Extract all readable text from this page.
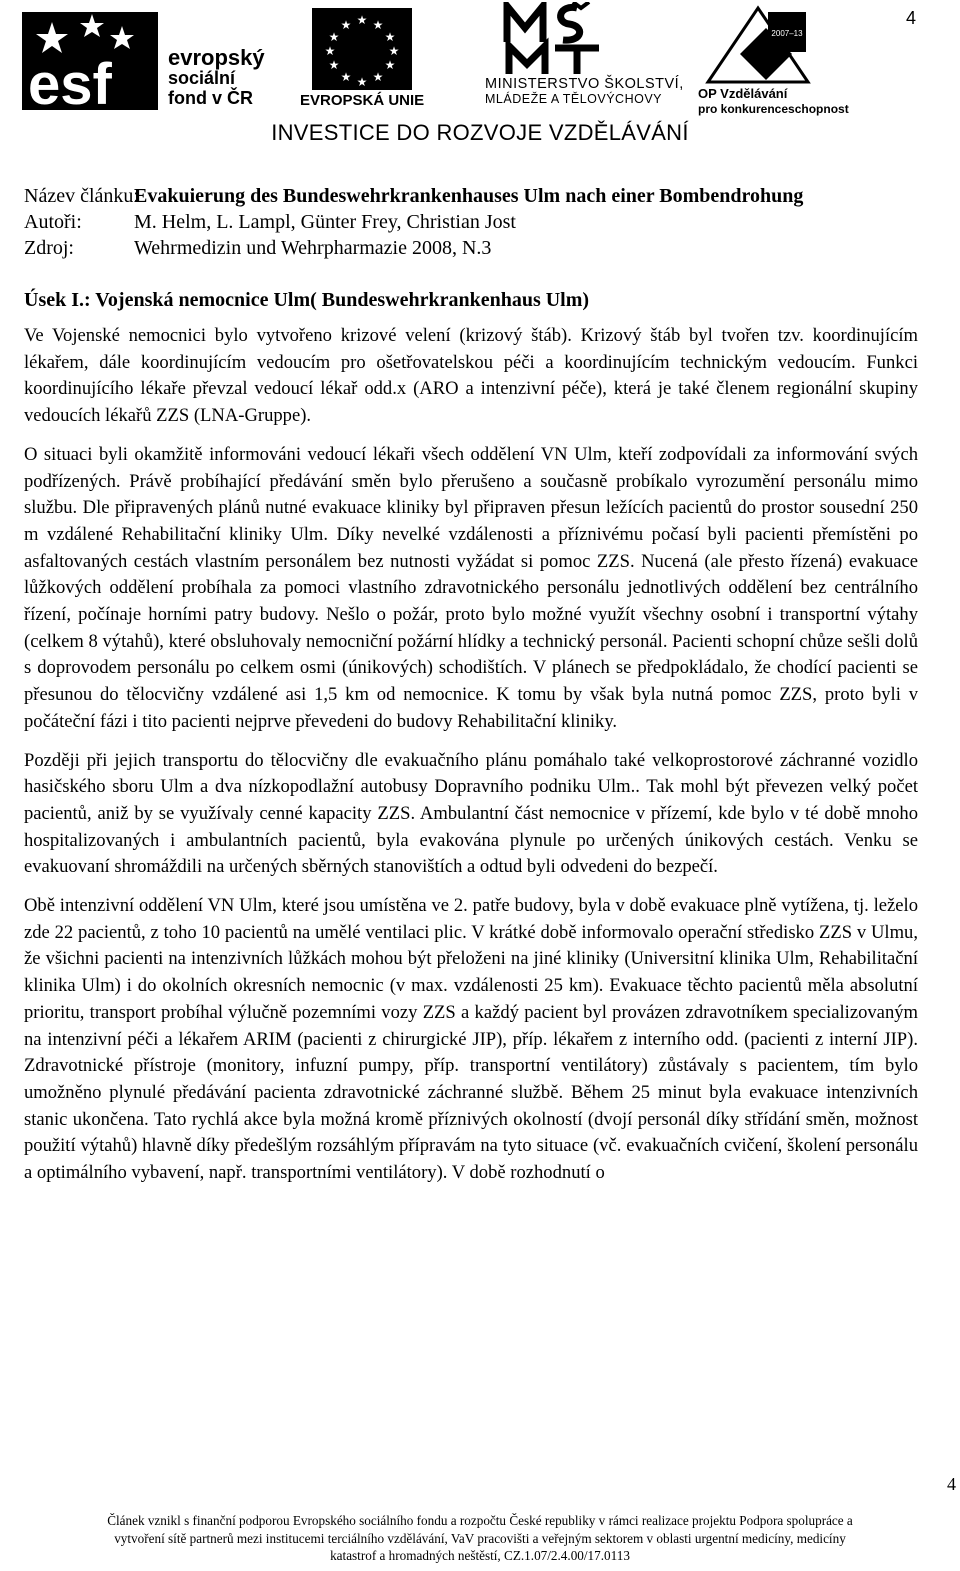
4
esf	evropský
sociální
fond v ČR
★ ★
★
★
★
★
★
★
★
★
★
★
EVROPSKÁ UNIE
MINISTERSTVO ŠKOLSTVÍ,
MLÁDEŽE A TĚLOVÝCHOVY
2007–13
OP Vzdělávání
pro konkurenceschopnost
INVESTICE DO ROZVOJE VZDĚLÁVÁNÍ
Název článku:
Evakuierung des Bundeswehrkrankenhauses Ulm nach einer Bombendrohung
Autoři:	M. Helm, L. Lampl, Günter Frey, Christian Jost
Zdroj:	Wehrmedizin und Wehrpharmazie 2008, N.3
Úsek I.: Vojenská nemocnice Ulm( Bundeswehrkrankenhaus Ulm)

Ve Vojenské nemocnici bylo vytvořeno krizové velení (krizový štáb). Krizový štáb byl tvořen tzv. koordinujícím lékařem, dále koordinujícím vedoucím pro ošetřovatelskou péči a koordinujícím technickým vedoucím. Funkci koordinujícího lékaře převzal vedoucí lékař odd.x (ARO a intenzivní péče), která je také členem regionální skupiny vedoucích lékařů ZZS (LNA-Gruppe).

O situaci byli okamžitě informováni vedoucí lékaři všech oddělení VN Ulm, kteří zodpovídali za informování svých podřízených. Právě probíhající předávání směn bylo přerušeno a současně probíkalo vyrozumění personálu mimo službu. Dle připravených plánů nutné evakuace kliniky byl připraven přesun ležících pacientů do prostor sousední 250 m vzdálené Rehabilitační kliniky Ulm. Díky nevelké vzdálenosti a příznivému počasí byli pacienti přemístěni po asfaltovaných cestách vlastním personálem bez nutnosti vyžádat si pomoc ZZS. Nucená (ale přesto řízená) evakuace lůžkových oddělení probíhala za pomoci vlastního zdravotnického personálu jednotlivých oddělení bez centrálního řízení, počínaje horními patry budovy. Nešlo o požár, proto bylo možné využít všechny osobní i transportní výtahy (celkem 8 výtahů), které obsluhovaly nemocniční požární hlídky a technický personál. Pacienti schopní chůze sešli dolů s doprovodem personálu po celkem osmi (únikových) schodištích. V plánech se předpokládalo, že chodící pacienti se přesunou do tělocvičny vzdálené asi 1,5 km od nemocnice. K tomu by však byla nutná pomoc ZZS, proto byli v počáteční fázi i tito pacienti nejprve převedeni do budovy Rehabilitační kliniky.

Později při jejich transportu do tělocvičny dle evakuačního plánu pomáhalo také velkoprostorové záchranné vozidlo hasičského sboru Ulm a dva nízkopodlažní autobusy Dopravního podniku Ulm.. Tak mohl být převezen velký počet pacientů, aniž by se využívaly cenné kapacity ZZS. Ambulantní část nemocnice v přízemí, kde bylo v té době mnoho hospitalizovaných i ambulantních pacientů, byla evakována plynule po určených únikových cestách. Venku se evakuovaní shromáždili na určených sběrných stanovištích a odtud byli odvedeni do bezpečí.

Obě intenzivní oddělení VN Ulm, které jsou umístěna ve 2. patře budovy, byla v době evakuace plně vytížena, tj. leželo zde 22 pacientů, z toho 10 pacientů na umělé ventilaci plic. V krátké době informovalo operační středisko ZZS v Ulmu, že všichni pacienti na intenzivních lůžkách mohou být přeloženi na jiné kliniky (Universitní klinika Ulm, Rehabilitační klinika Ulm) i do okolních okresních nemocnic (v max. vzdálenosti 25 km). Evakuace těchto pacientů měla absolutní prioritu, transport probíhal výlučně pozemními vozy ZZS a každý pacient byl provázen zdravotníkem specializovaným na intenzivní péči a lékařem ARIM (pacienti z chirurgické JIP), příp. lékařem z interního odd. (pacienti z interní JIP). Zdravotnické přístroje (monitory, infuzní pumpy, příp. transportní ventilátory) zůstávaly s pacientem, tím bylo umožněno plynulé předávání pacienta zdravotnické záchranné službě. Během 25 minut byla evakuace intenzivních stanic ukončena. Tato rychlá akce byla možná kromě příznivých okolností (dvojí personál díky střídání směn, možnost použití výtahů) hlavně díky předešlým rozsáhlým přípravám na tyto situace (vč. evakuačních cvičení, školení personálu a optimálního vybavení, např. transportními ventilátory). V době rozhodnutí o

4
Článek vznikl s finanční podporou Evropského sociálního fondu a rozpočtu České republiky v rámci realizace projektu Podpora spolupráce a
vytvoření sítě partnerů mezi institucemi terciálního vzdělávání, VaV pracovišti a veřejným sektorem v oblasti urgentní medicíny, medicíny
katastrof a hromadných neštěstí, CZ.1.07/2.4.00/17.0113
